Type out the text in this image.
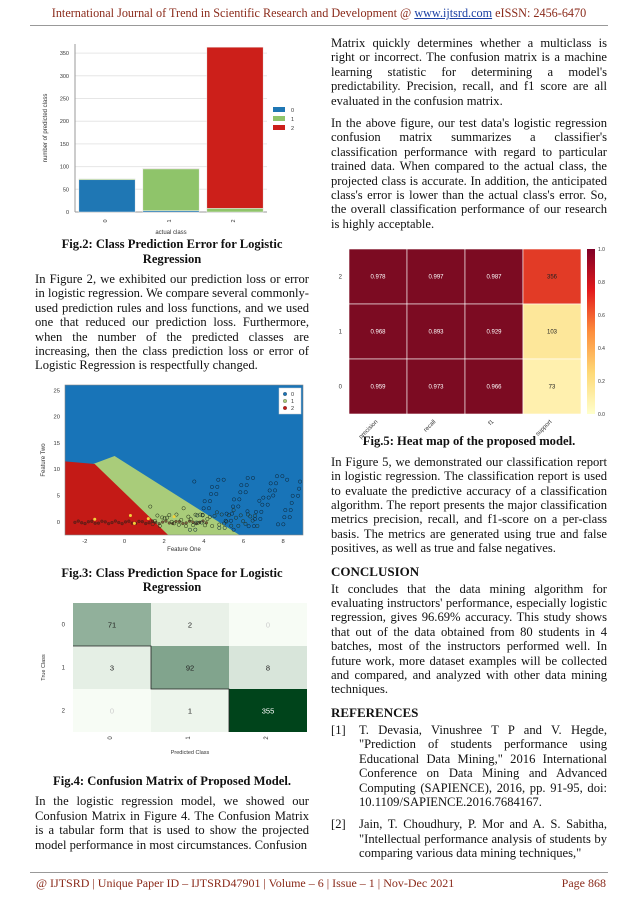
International Journal of Trend in Scientific Research and Development @ www.ijtsrd.com eISSN: 2456-6470
0
50
100
150
200
250
300
350
0	1	2
actual class
number of predicted class	0
1
2
Fig.2: Class Prediction Error for Logistic Regression

In Figure 2, we exhibited our prediction loss or error in logistic regression. We compare several commonly-used prediction rules and loss functions, and we used one that reduced our prediction loss. Furthermore, when the number of the predicted classes are increasing, then the class prediction loss or error of Logistic Regression is respectfully changed.

-2	0	2	4	6	8
0
5
10
15
20
25
Feature One
Feature Two
0
1
2
Fig.3: Class Prediction Space for Logistic Regression
71	2	0
3	92	8
0	1	355
0
1
2
0	1	2
Predicted Class
True Class
Fig.4: Confusion Matrix of Proposed Model.

In the logistic regression model, we showed our Confusion Matrix in Figure 4. The Confusion Matrix is a tabular form that is used to show the projected model performance in most circumstances. Confusion

Matrix quickly determines whether a multiclass is right or incorrect. The confusion matrix is a machine learning statistic for determining a model's predictability. Precision, recall, and f1 score are all evaluated in the confusion matrix.

In the above figure, our test data's logistic regression confusion matrix summarizes a classifier's classification performance with regard to particular trained data. When compared to the actual class, the projected class is accurate. In addition, the anticipated class's error is lower than the actual class's error. So, the overall classification performance of our research is highly acceptable.

0.978	0.997	0.987	356
0.968	0.893	0.929	103
0.959	0.973	0.966	73
2
1
0
precision	recall	f1	support
0.0
0.2
0.4
0.6
0.8
1.0
Fig.5: Heat map of the proposed model.

In Figure 5, we demonstrated our classification report in logistic regression. The classification report is used to evaluate the predictive accuracy of a classification algorithm. The report presents the major classification metrics precision, recall, and f1-score on a per-class basis. The metrics are generated using true and false positives, as well as true and false negatives.

CONCLUSION

It concludes that the data mining algorithm for evaluating instructors' performance, especially logistic regression, gives 96.69% accuracy. This study shows that out of the data obtained from 80 students in 4 batches, most of the instructors performed well. In future work, more dataset examples will be collected and compared, and analyzed with other data mining techniques.

REFERENCES
[1]	T. Devasia, Vinushree T P and V. Hegde, "Prediction of students performance using Educational Data Mining," 2016 International Conference on Data Mining and Advanced Computing (SAPIENCE), 2016, pp. 91-95, doi: 10.1109/SAPIENCE.2016.7684167.
[2]	Jain, T. Choudhury, P. Mor and A. S. Sabitha, "Intellectual performance analysis of students by comparing various data mining techniques,"
@ IJTSRD | Unique Paper ID – IJTSRD47901 | Volume – 6 | Issue – 1 | Nov-Dec 2021	Page 868
